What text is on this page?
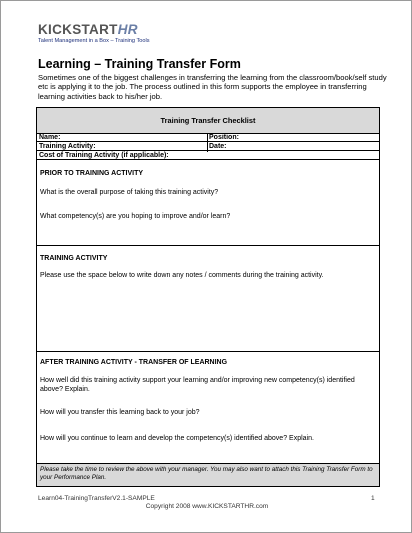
KICKSTARTHR
Talent Management in a Box – Training Tools
Learning – Training Transfer Form
Sometimes one of the biggest challenges in transferring the learning from the classroom/book/self study etc is applying it to the job. The process outlined in this form supports the employee in transferring learning activities back to his/her job.
Training Transfer Checklist
Name:	Position:
Training Activity:	Date:
Cost of Training Activity (if applicable):
PRIOR TO TRAINING ACTIVITY
What is the overall purpose of taking this training activity?
What competency(s) are you hoping to improve and/or learn?
TRAINING ACTIVITY
Please use the space below to write down any notes / comments during the training activity.
AFTER TRAINING ACTIVITY - TRANSFER OF LEARNING
How well did this training activity support your learning and/or improving new competency(s) identified above? Explain.
How will you transfer this learning back to your job?
How will you continue to learn and develop the competency(s) identified above? Explain.
Please take the time to review the above with your manager. You may also want to attach this Training Transfer Form to your Performance Plan.
Learn04-TrainingTransferV2.1-SAMPLE	1
Copyright 2008 www.KICKSTARTHR.com
